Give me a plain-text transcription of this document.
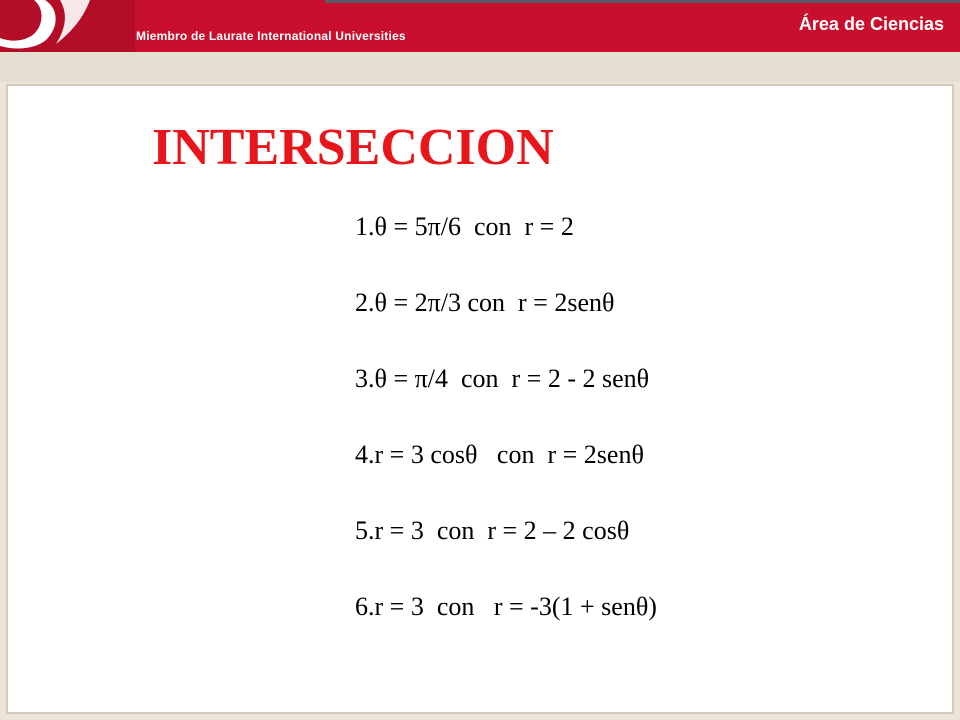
Miembro de Laurate International Universities
Área de Ciencias
INTERSECCION
1.θ = 5π/6  con  r = 2
2.θ = 2π/3 con  r = 2senθ
3.θ = π/4  con  r = 2 - 2 senθ
4.r = 3 cosθ   con  r = 2senθ
5.r = 3  con  r = 2 – 2 cosθ
6.r = 3  con   r = -3(1 + senθ)
